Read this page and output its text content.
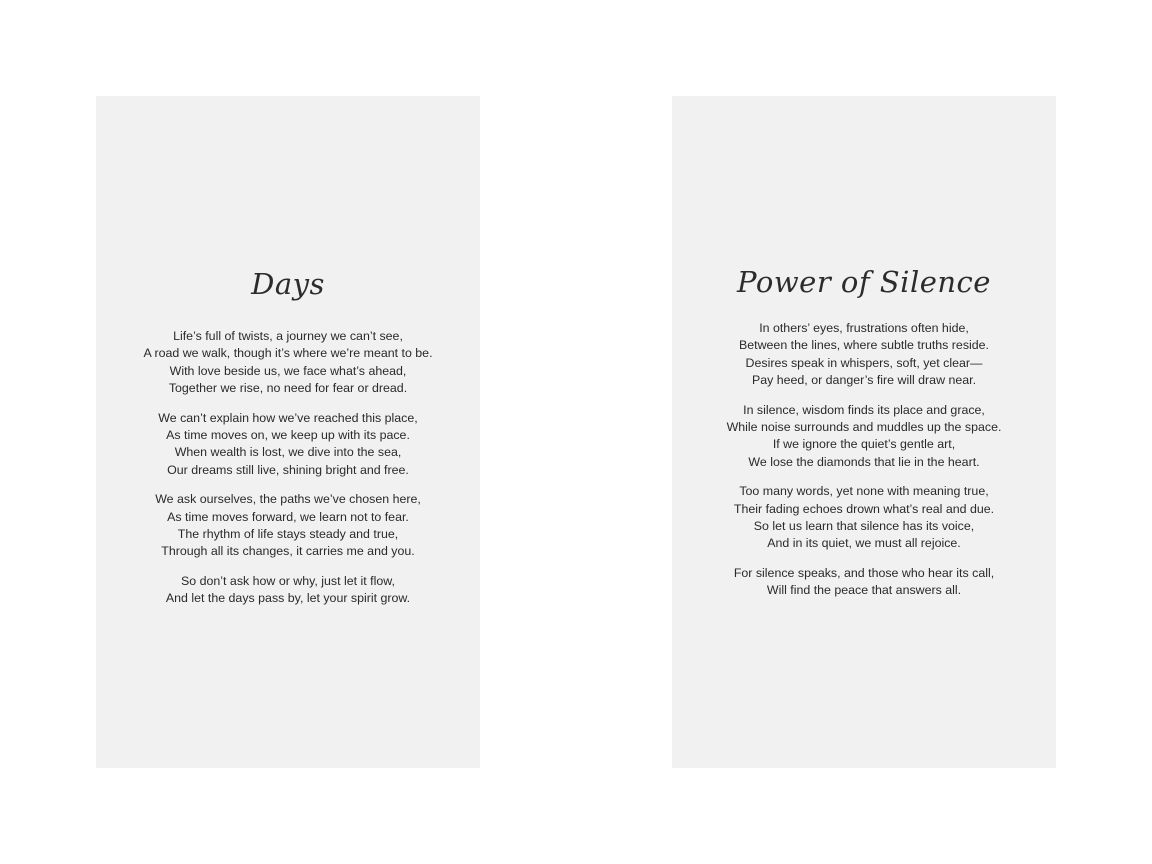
Days
Life’s full of twists, a journey we can’t see,
A road we walk, though it’s where we’re meant to be.
With love beside us, we face what’s ahead,
Together we rise, no need for fear or dread.
We can’t explain how we’ve reached this place,
As time moves on, we keep up with its pace.
When wealth is lost, we dive into the sea,
Our dreams still live, shining bright and free.
We ask ourselves, the paths we’ve chosen here,
As time moves forward, we learn not to fear.
The rhythm of life stays steady and true,
Through all its changes, it carries me and you.
So don’t ask how or why, just let it flow,
And let the days pass by, let your spirit grow.
Power of Silence
In others’ eyes, frustrations often hide,
Between the lines, where subtle truths reside.
Desires speak in whispers, soft, yet clear—
Pay heed, or danger’s fire will draw near.
In silence, wisdom finds its place and grace,
While noise surrounds and muddles up the space.
If we ignore the quiet’s gentle art,
We lose the diamonds that lie in the heart.
Too many words, yet none with meaning true,
Their fading echoes drown what’s real and due.
So let us learn that silence has its voice,
And in its quiet, we must all rejoice.
For silence speaks, and those who hear its call,
Will find the peace that answers all.
